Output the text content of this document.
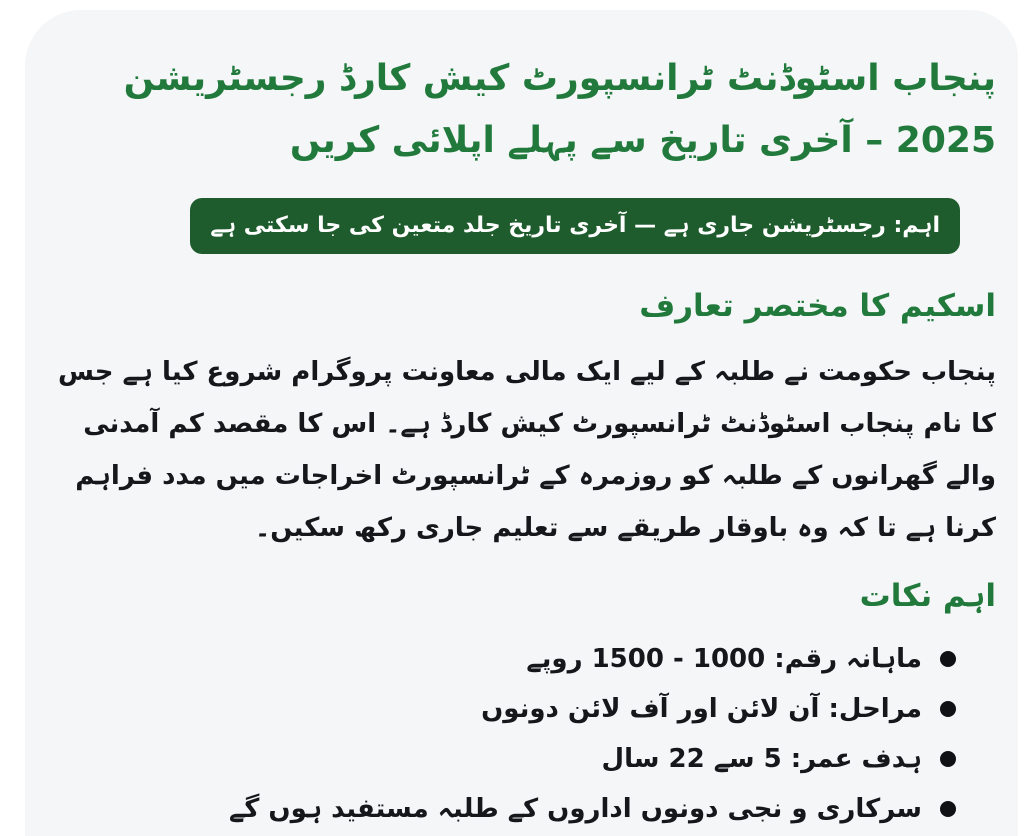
پنجاب اسٹوڈنٹ ٹرانسپورٹ کیش کارڈ رجسٹریشن 2025 – آخری تاریخ سے پہلے اپلائی کریں
اہم: رجسٹریشن جاری ہے — آخری تاریخ جلد متعین کی جا سکتی ہے
اسکیم کا مختصر تعارف

پنجاب حکومت نے طلبہ کے لیے ایک مالی معاونت پروگرام شروع کیا ہے جس کا نام پنجاب اسٹوڈنٹ ٹرانسپورٹ کیش کارڈ ہے۔ اس کا مقصد کم آمدنی والے گھرانوں کے طلبہ کو روزمرہ کے ٹرانسپورٹ اخراجات میں مدد فراہم کرنا ہے تا کہ وہ باوقار طریقے سے تعلیم جاری رکھ سکیں۔

اہم نکات
ماہانہ رقم: 1000 - 1500 روپے
مراحل: آن لائن اور آف لائن دونوں
ہدف عمر: 5 سے 22 سال
سرکاری و نجی دونوں اداروں کے طلبہ مستفید ہوں گے
